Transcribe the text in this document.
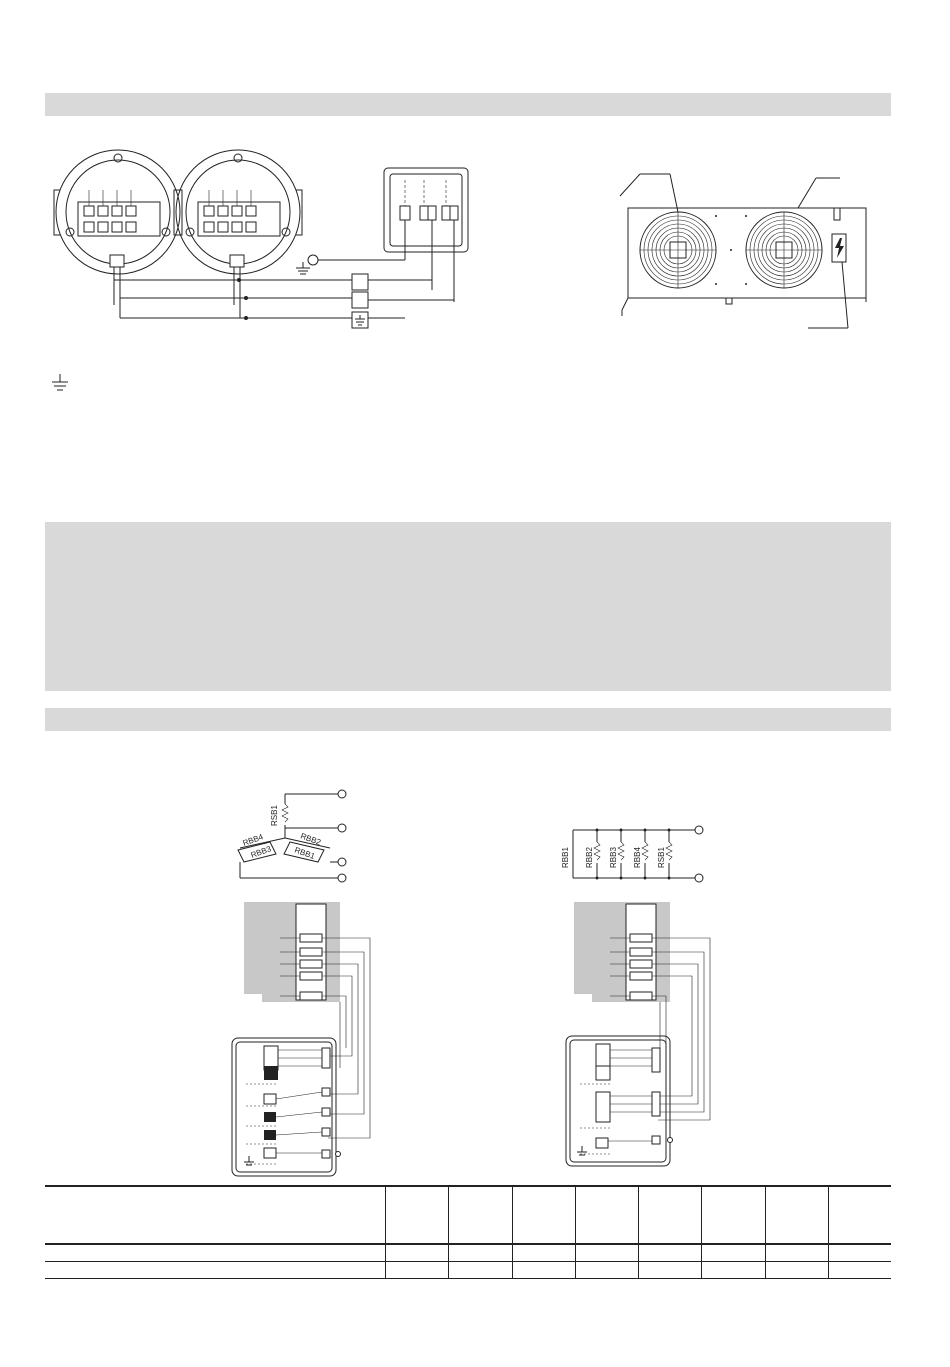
RSB1
RBB4
RBB3
RBB2
RBB1	RBB1 RBB2 RBB3 RBB4 RSB1
